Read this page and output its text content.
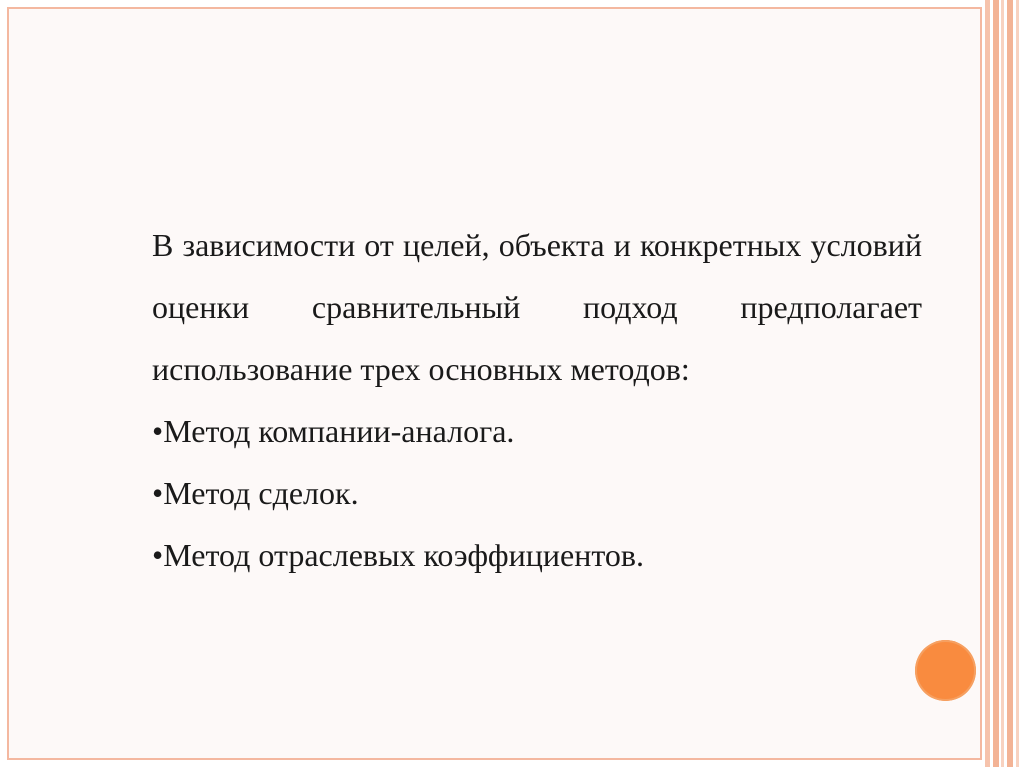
В зависимости от целей, объекта и конкретных условий оценки сравнительный подход предполагает использование трех основных методов:

•Метод компании-аналога.
•Метод сделок.
•Метод отраслевых коэффициентов.
